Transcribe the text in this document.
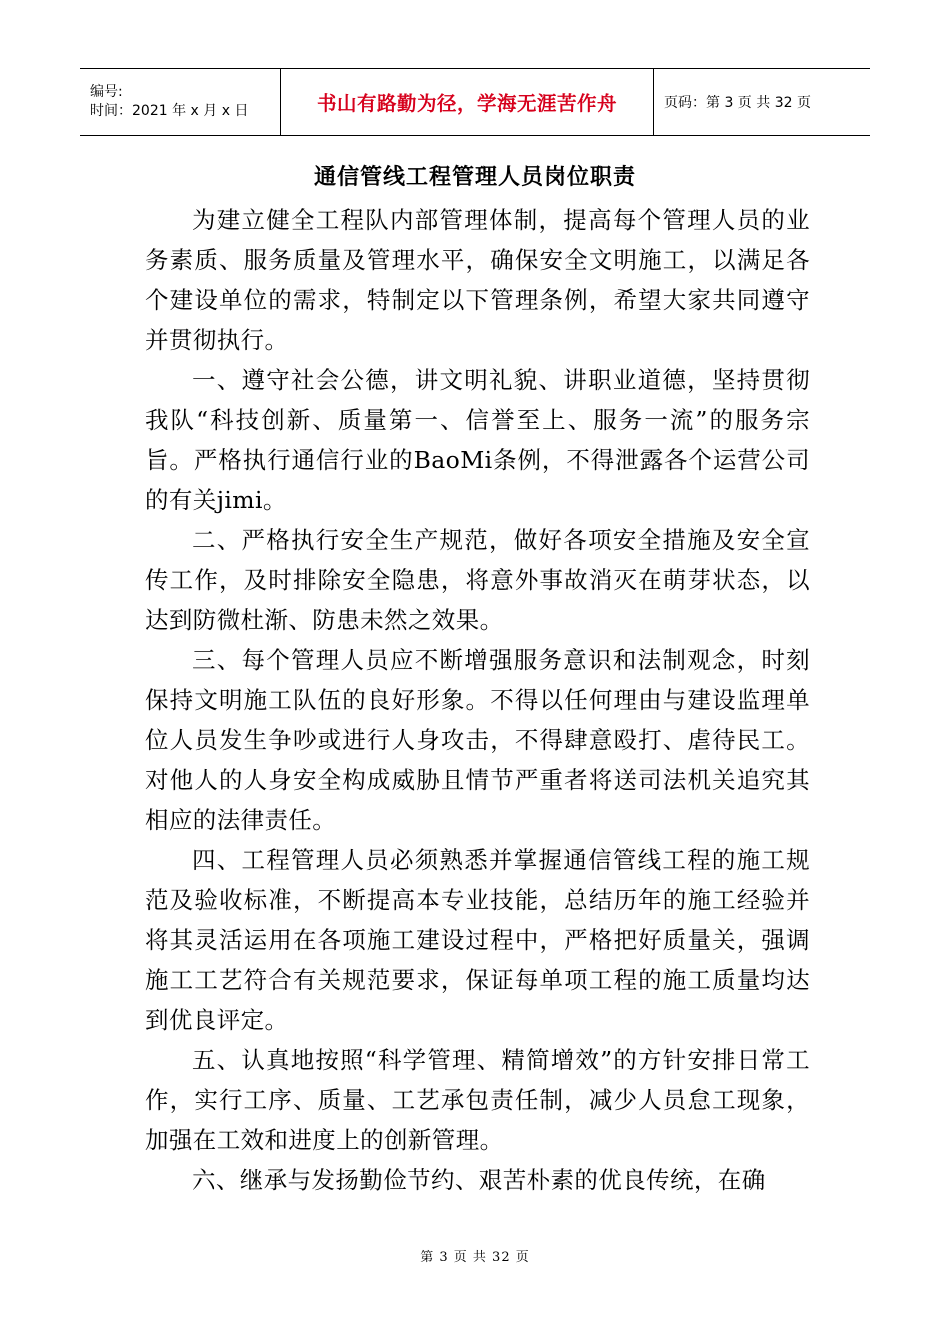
编号:
时间：2021 年 x 月 x 日	书山有路勤为径，学海无涯苦作舟	页码：第 3 页 共 32 页
通信管线工程管理人员岗位职责

为建立健全工程队内部管理体制，提高每个管理人员的业务素质、服务质量及管理水平，确保安全文明施工，以满足各个建设单位的需求，特制定以下管理条例，希望大家共同遵守并贯彻执行。

一、遵守社会公德，讲文明礼貌、讲职业道德，坚持贯彻我队“科技创新、质量第一、信誉至上、服务一流”的服务宗旨。严格执行通信行业的BaoMi条例，不得泄露各个运营公司的有关jimi。

二、严格执行安全生产规范，做好各项安全措施及安全宣传工作，及时排除安全隐患，将意外事故消灭在萌芽状态，以达到防微杜渐、防患未然之效果。

三、每个管理人员应不断增强服务意识和法制观念，时刻保持文明施工队伍的良好形象。不得以任何理由与建设监理单位人员发生争吵或进行人身攻击，不得肆意殴打、虐待民工。对他人的人身安全构成威胁且情节严重者将送司法机关追究其相应的法律责任。

四、工程管理人员必须熟悉并掌握通信管线工程的施工规范及验收标准，不断提高本专业技能，总结历年的施工经验并将其灵活运用在各项施工建设过程中，严格把好质量关，强调施工工艺符合有关规范要求，保证每单项工程的施工质量均达到优良评定。

五、认真地按照“科学管理、精简增效”的方针安排日常工作，实行工序、质量、工艺承包责任制，减少人员怠工现象，加强在工效和进度上的创新管理。

六、继承与发扬勤俭节约、艰苦朴素的优良传统，在确

第 3 页 共 32 页
